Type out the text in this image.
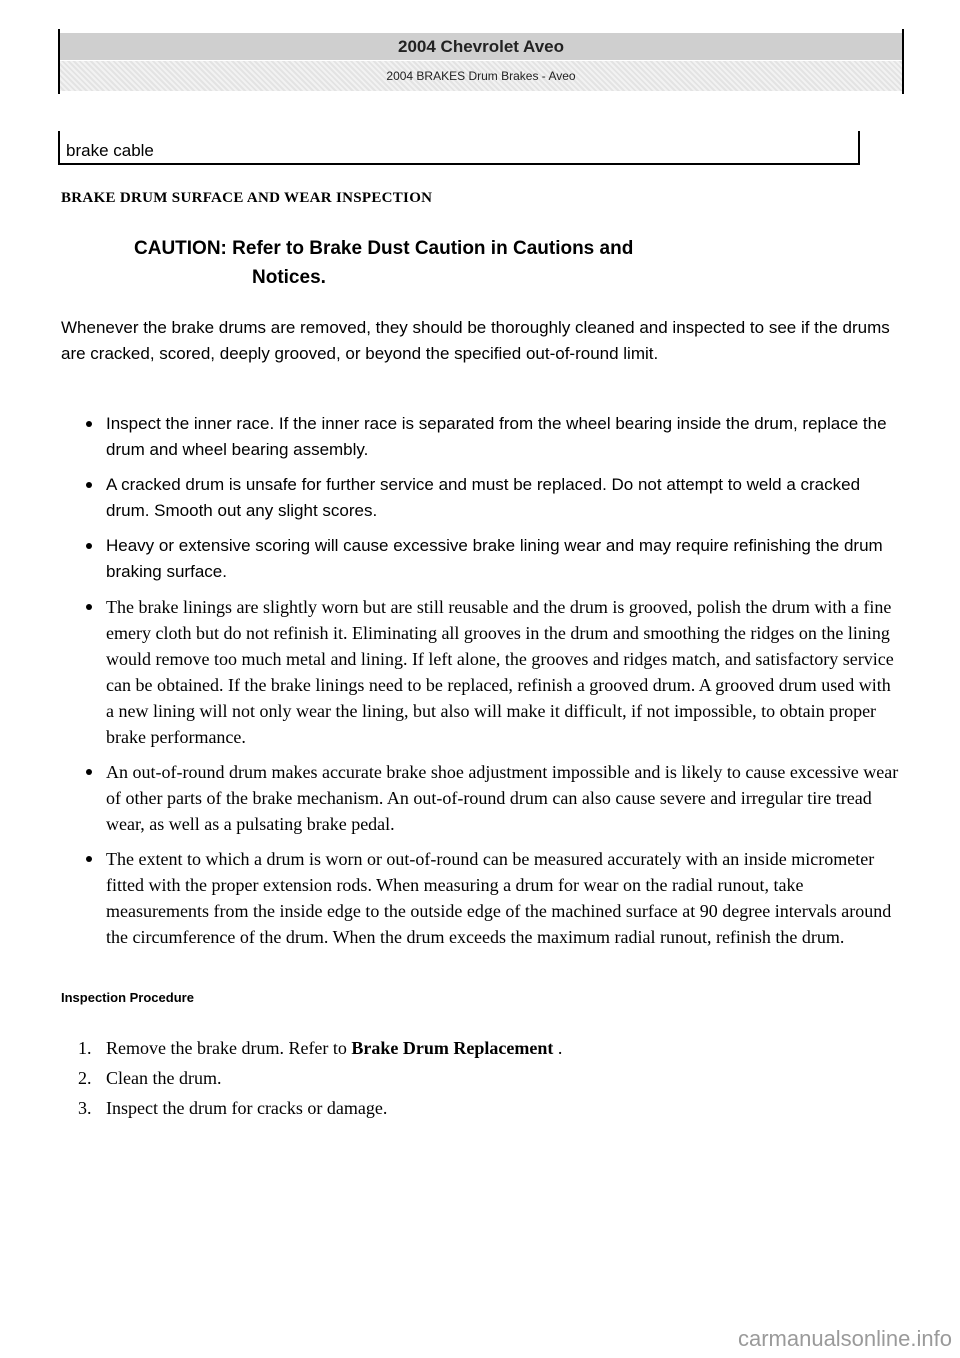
2004 Chevrolet Aveo
2004 BRAKES Drum Brakes - Aveo
brake cable
BRAKE DRUM SURFACE AND WEAR INSPECTION
CAUTION: Refer to Brake Dust Caution in Cautions and
Notices.
Whenever the brake drums are removed, they should be thoroughly cleaned and inspected to see if the drums are cracked, scored, deeply grooved, or beyond the specified out-of-round limit.
Inspect the inner race. If the inner race is separated from the wheel bearing inside the drum, replace the drum and wheel bearing assembly.
A cracked drum is unsafe for further service and must be replaced. Do not attempt to weld a cracked drum. Smooth out any slight scores.
Heavy or extensive scoring will cause excessive brake lining wear and may require refinishing the drum braking surface.
The brake linings are slightly worn but are still reusable and the drum is grooved, polish the drum with a fine emery cloth but do not refinish it. Eliminating all grooves in the drum and smoothing the ridges on the lining would remove too much metal and lining. If left alone, the grooves and ridges match, and satisfactory service can be obtained. If the brake linings need to be replaced, refinish a grooved drum. A grooved drum used with a new lining will not only wear the lining, but also will make it difficult, if not impossible, to obtain proper brake performance.
An out-of-round drum makes accurate brake shoe adjustment impossible and is likely to cause excessive wear of other parts of the brake mechanism. An out-of-round drum can also cause severe and irregular tire tread wear, as well as a pulsating brake pedal.
The extent to which a drum is worn or out-of-round can be measured accurately with an inside micrometer fitted with the proper extension rods. When measuring a drum for wear on the radial runout, take measurements from the inside edge to the outside edge of the machined surface at 90 degree intervals around the circumference of the drum. When the drum exceeds the maximum radial runout, refinish the drum.
Inspection Procedure
1. Remove the brake drum. Refer to Brake Drum Replacement .
2. Clean the drum.
3. Inspect the drum for cracks or damage.
carmanualsonline.info
